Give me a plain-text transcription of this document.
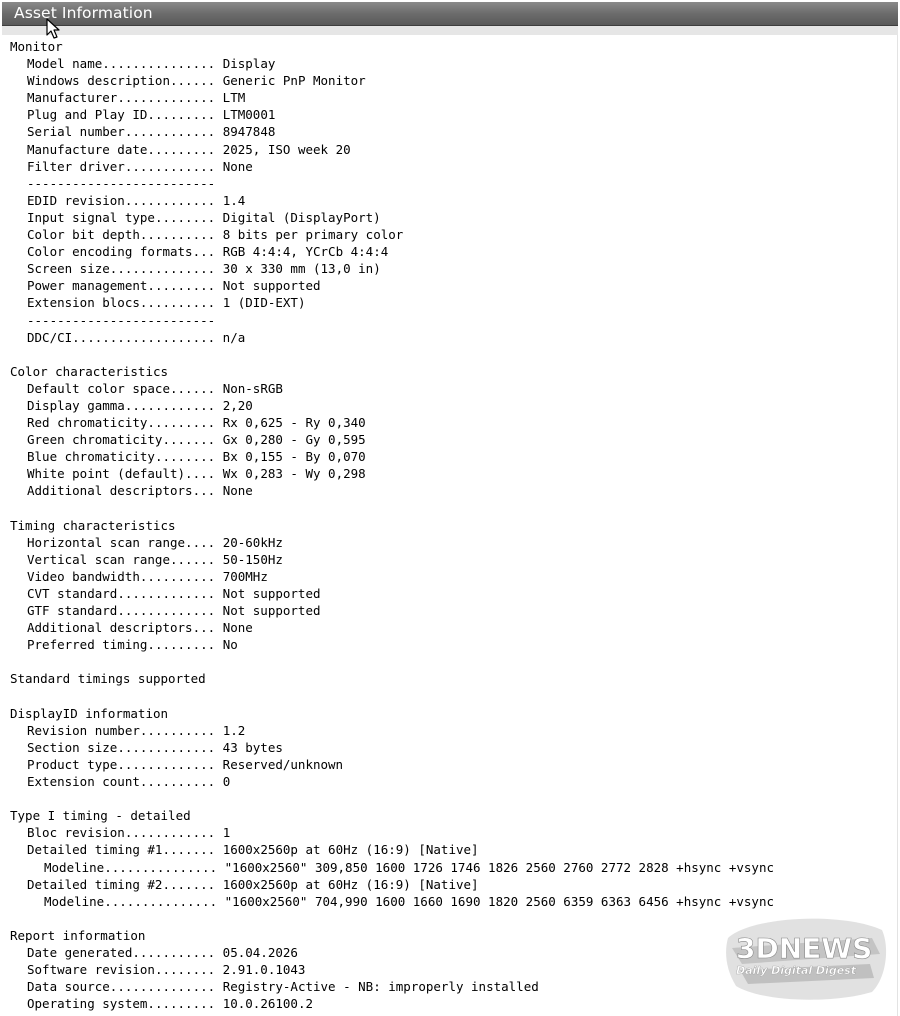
Asset Information
Monitor
Model name............... Display
Windows description...... Generic PnP Monitor
Manufacturer............. LTM
Plug and Play ID......... LTM0001
Serial number............ 8947848
Manufacture date......... 2025, ISO week 20
Filter driver............ None
-------------------------
EDID revision............ 1.4
Input signal type........ Digital (DisplayPort)
Color bit depth.......... 8 bits per primary color
Color encoding formats... RGB 4:4:4, YCrCb 4:4:4
Screen size.............. 30 x 330 mm (13,0 in)
Power management......... Not supported
Extension blocs.......... 1 (DID-EXT)
-------------------------
DDC/CI................... n/a

Color characteristics
Default color space...... Non-sRGB
Display gamma............ 2,20
Red chromaticity......... Rx 0,625 - Ry 0,340
Green chromaticity....... Gx 0,280 - Gy 0,595
Blue chromaticity........ Bx 0,155 - By 0,070
White point (default).... Wx 0,283 - Wy 0,298
Additional descriptors... None

Timing characteristics
Horizontal scan range.... 20-60kHz
Vertical scan range...... 50-150Hz
Video bandwidth.......... 700MHz
CVT standard............. Not supported
GTF standard............. Not supported
Additional descriptors... None
Preferred timing......... No

Standard timings supported

DisplayID information
Revision number.......... 1.2
Section size............. 43 bytes
Product type............. Reserved/unknown
Extension count.......... 0

Type I timing - detailed
Bloc revision............ 1
Detailed timing #1....... 1600x2560p at 60Hz (16:9) [Native]
Modeline............... "1600x2560" 309,850 1600 1726 1746 1826 2560 2760 2772 2828 +hsync +vsync
Detailed timing #2....... 1600x2560p at 60Hz (16:9) [Native]
Modeline............... "1600x2560" 704,990 1600 1660 1690 1820 2560 6359 6363 6456 +hsync +vsync

Report information
Date generated........... 05.04.2026
Software revision........ 2.91.0.1043
Data source.............. Registry-Active - NB: improperly installed
Operating system......... 10.0.26100.2
3DNEWS
Daily Digital Digest
